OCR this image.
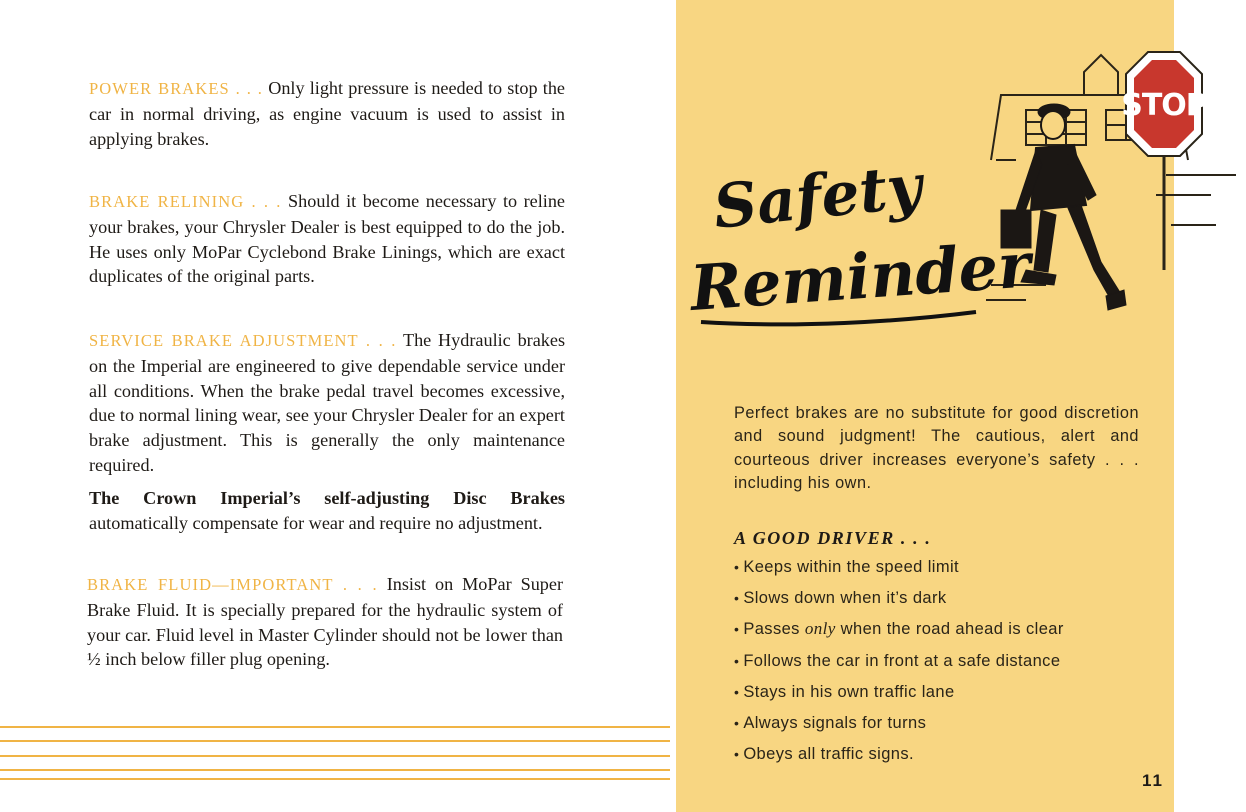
POWER BRAKES . . . Only light pressure is needed to stop the car in normal driving, as engine vacuum is used to assist in applying brakes.

BRAKE RELINING . . . Should it become necessary to reline your brakes, your Chrysler Dealer is best equipped to do the job. He uses only MoPar Cyclebond Brake Linings, which are exact duplicates of the original parts.

SERVICE BRAKE ADJUSTMENT . . . The Hydraulic brakes on the Imperial are engineered to give dependable service under all conditions. When the brake pedal travel becomes excessive, due to normal lining wear, see your Chrysler Dealer for an expert brake adjustment. This is generally the only maintenance required.

The Crown Imperial’s self-adjusting Disc Brakes automatically compensate for wear and require no adjustment.

BRAKE FLUID—IMPORTANT . . . Insist on MoPar Super Brake Fluid. It is specially prepared for the hydraulic system of your car. Fluid level in Master Cylinder should not be lower than ½ inch below filler plug opening.

STOP
Safety
Reminder

Perfect brakes are no substitute for good discretion and sound judgment! The cautious, alert and courteous driver increases everyone’s safety . . . including his own.

A GOOD DRIVER . . .

• Keeps within the speed limit
• Slows down when it’s dark
• Passes only when the road ahead is clear
• Follows the car in front at a safe distance
• Stays in his own traffic lane
• Always signals for turns
• Obeys all traffic signs.
11
